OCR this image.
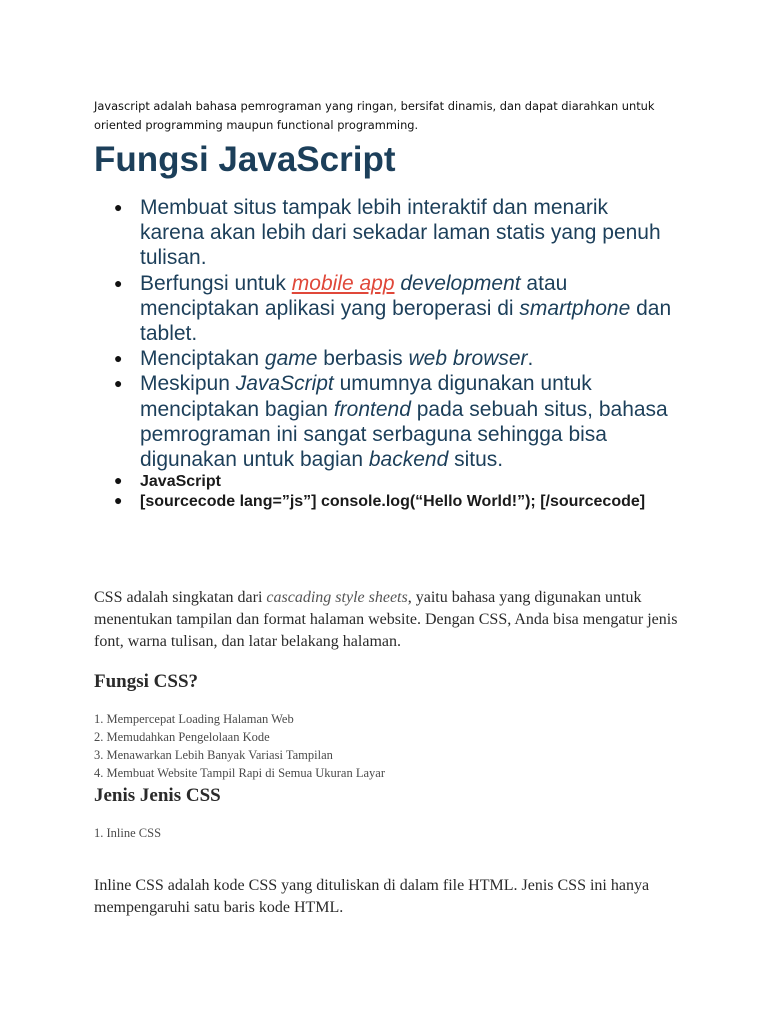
Javascript adalah bahasa pemrograman yang ringan, bersifat dinamis, dan dapat diarahkan untuk oriented programming maupun functional programming.

Fungsi JavaScript
● Membuat situs tampak lebih interaktif dan menarik karena akan lebih dari sekadar laman statis yang penuh tulisan.
● Berfungsi untuk mobile app development atau menciptakan aplikasi yang beroperasi di smartphone dan tablet.
● Menciptakan game berbasis web browser.
● Meskipun JavaScript umumnya digunakan untuk menciptakan bagian frontend pada sebuah situs, bahasa pemrograman ini sangat serbaguna sehingga bisa digunakan untuk bagian backend situs.
● JavaScript
● [sourcecode lang=”js”] console.log(“Hello World!”); [/sourcecode]

CSS adalah singkatan dari cascading style sheets, yaitu bahasa yang digunakan untuk menentukan tampilan dan format halaman website. Dengan CSS, Anda bisa mengatur jenis font, warna tulisan, dan latar belakang halaman.

Fungsi CSS?
1. Mempercepat Loading Halaman Web
2. Memudahkan Pengelolaan Kode
3. Menawarkan Lebih Banyak Variasi Tampilan
4. Membuat Website Tampil Rapi di Semua Ukuran Layar
Jenis Jenis CSS
1. Inline CSS

Inline CSS adalah kode CSS yang dituliskan di dalam file HTML. Jenis CSS ini hanya mempengaruhi satu baris kode HTML.
